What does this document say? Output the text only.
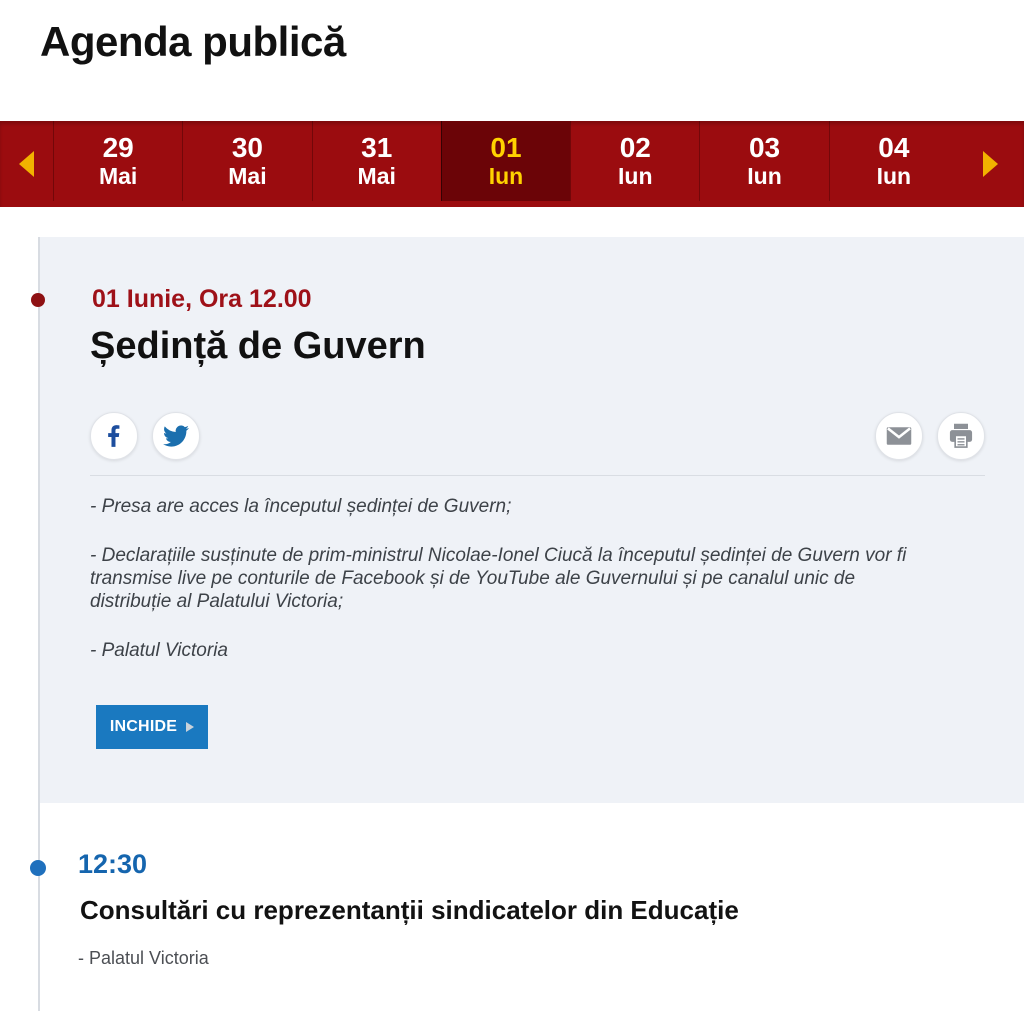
Agenda publică
29
Mai
30
Mai
31
Mai
01
Iun
02
Iun
03
Iun
04
Iun
01 Iunie, Ora 12.00
Ședință de Guvern

- Presa are acces la începutul ședinței de Guvern;

- Declarațiile susținute de prim-ministrul Nicolae-Ionel Ciucă la începutul ședinței de Guvern vor fi transmise live pe conturile de Facebook și de YouTube ale Guvernului și pe canalul unic de distribuție al Palatului Victoria;

- Palatul Victoria

INCHIDE
12:30
Consultări cu reprezentanții sindicatelor din Educație
- Palatul Victoria
